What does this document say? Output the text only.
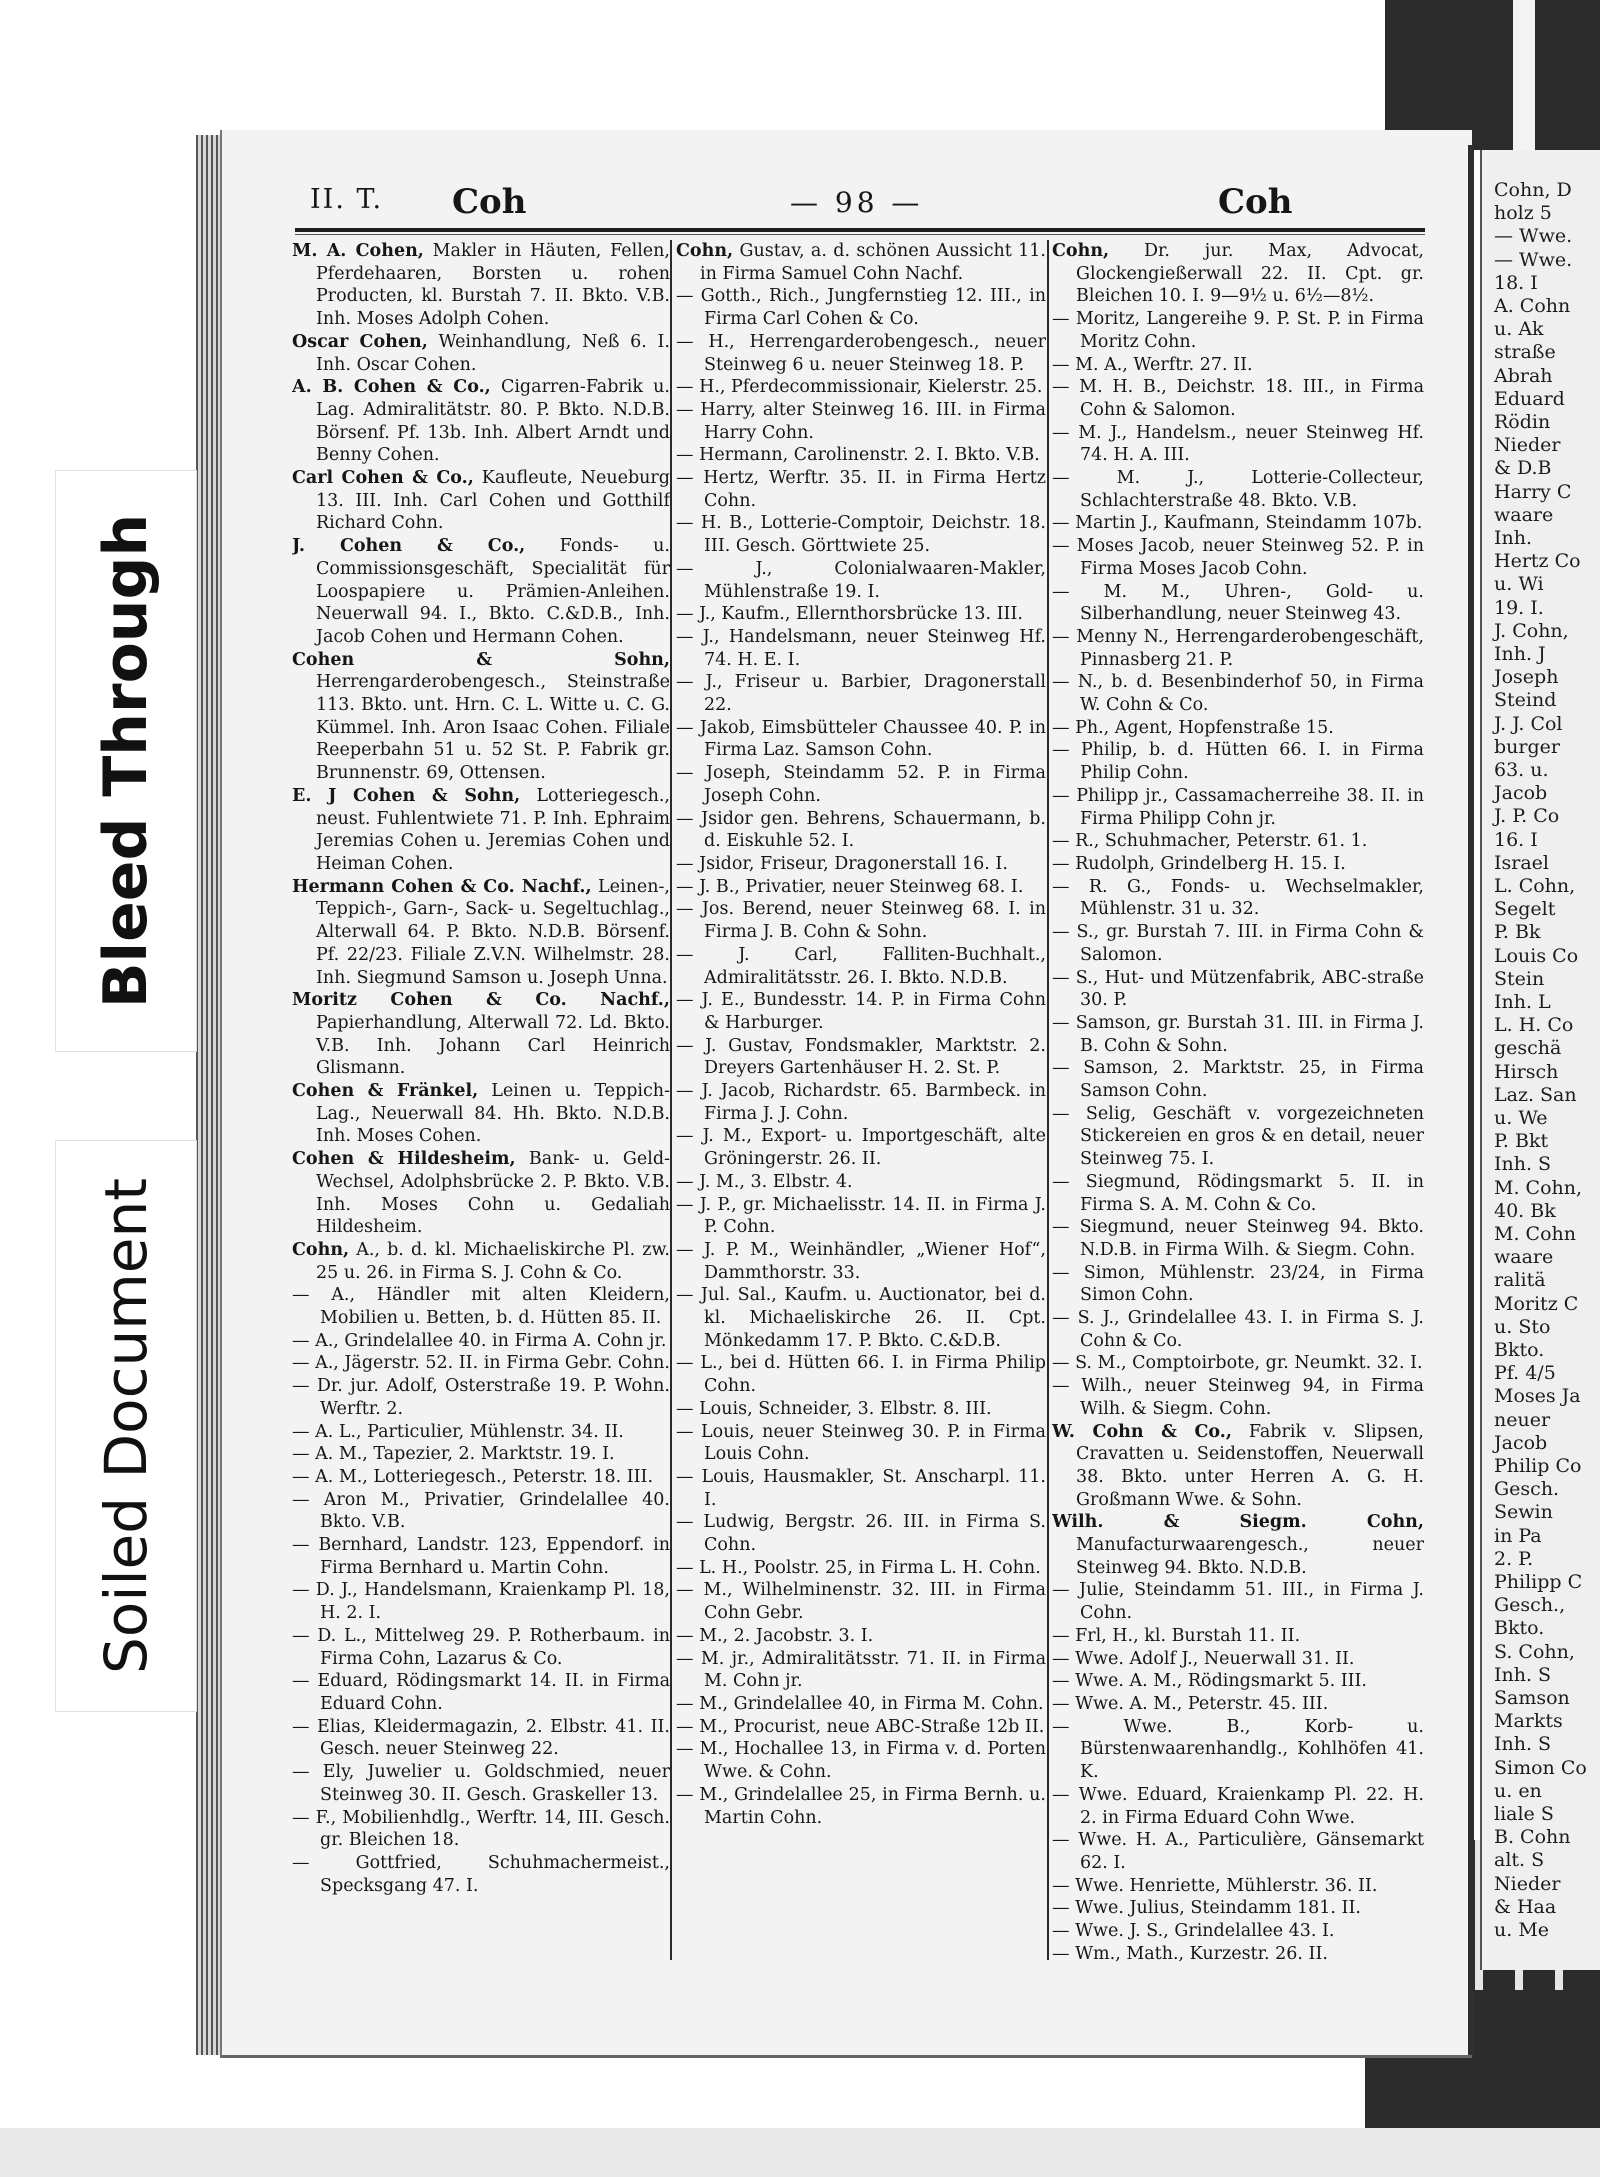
Cohn, D
holz 5
— Wwe.
— Wwe.
18. I
A. Cohn
u. Ak
straße
Abrah
Eduard
Rödin
Nieder
& D.B
Harry C
waare
Inh.
Hertz Co
u. Wi
19. I.
J. Cohn,
Inh. J
Joseph
Steind
J. J. Col
burger
63. u.
Jacob
J. P. Co
16. I
Israel
L. Cohn,
Segelt
P. Bk
Louis Co
Stein
Inh. L
L. H. Co
geschä
Hirsch
Laz. San
u. We
P. Bkt
Inh. S
M. Cohn,
40. Bk
M. Cohn
waare
ralitä
Moritz C
u. Sto
Bkto.
Pf. 4/5
Moses Ja
neuer
Jacob
Philip Co
Gesch.
Sewin
in Pa
2. P.
Philipp C
Gesch.,
Bkto.
S. Cohn,
Inh. S
Samson
Markts
Inh. S
Simon Co
u. en
liale S
B. Cohn
alt. S
Nieder
& Haa
u. Me
Bleed Through
Soiled Document
II. T. Coh	— 98 —	Coh

M. A. Cohen, Makler in Häuten, Fellen, Pferdehaaren, Borsten u. rohen Producten, kl. Burstah 7. II. Bkto. V.B. Inh. Moses Adolph Cohen.

Oscar Cohen, Weinhandlung, Neß 6. I. Inh. Oscar Cohen.

A. B. Cohen & Co., Cigarren-Fabrik u. Lag. Admiralitätstr. 80. P. Bkto. N.D.B. Börsenf. Pf. 13b. Inh. Albert Arndt und Benny Cohen.

Carl Cohen & Co., Kaufleute, Neueburg 13. III. Inh. Carl Cohen und Gotthilf Richard Cohn.

J. Cohen & Co., Fonds- u. Commissionsgeschäft, Specialität für Loospapiere u. Prämien-Anleihen. Neuerwall 94. I., Bkto. C.&D.B., Inh. Jacob Cohen und Hermann Cohen.

Cohen & Sohn, Herrengarderobengesch., Steinstraße 113. Bkto. unt. Hrn. C. L. Witte u. C. G. Kümmel. Inh. Aron Isaac Cohen. Filiale Reeperbahn 51 u. 52 St. P. Fabrik gr. Brunnenstr. 69, Ottensen.

E. J Cohen & Sohn, Lotteriegesch., neust. Fuhlentwiete 71. P. Inh. Ephraim Jeremias Cohen u. Jeremias Cohen und Heiman Cohen.

Hermann Cohen & Co. Nachf., Leinen-, Teppich-, Garn-, Sack- u. Segeltuchlag., Alterwall 64. P. Bkto. N.D.B. Börsenf. Pf. 22/23. Filiale Z.V.N. Wilhelmstr. 28. Inh. Siegmund Samson u. Joseph Unna.

Moritz Cohen & Co. Nachf., Papierhandlung, Alterwall 72. Ld. Bkto. V.B. Inh. Johann Carl Heinrich Glismann.

Cohen & Fränkel, Leinen u. Teppich-Lag., Neuerwall 84. Hh. Bkto. N.D.B. Inh. Moses Cohen.

Cohen & Hildesheim, Bank- u. Geld-Wechsel, Adolphsbrücke 2. P. Bkto. V.B. Inh. Moses Cohn u. Gedaliah Hildesheim.

Cohn, A., b. d. kl. Michaeliskirche Pl. zw. 25 u. 26. in Firma S. J. Cohn & Co.

— A., Händler mit alten Kleidern, Mobilien u. Betten, b. d. Hütten 85. II.

— A., Grindelallee 40. in Firma A. Cohn jr.

— A., Jägerstr. 52. II. in Firma Gebr. Cohn.

— Dr. jur. Adolf, Osterstraße 19. P. Wohn. Werftr. 2.

— A. L., Particulier, Mühlenstr. 34. II.

— A. M., Tapezier, 2. Marktstr. 19. I.

— A. M., Lotteriegesch., Peterstr. 18. III.

— Aron M., Privatier, Grindelallee 40. Bkto. V.B.

— Bernhard, Landstr. 123, Eppendorf. in Firma Bernhard u. Martin Cohn.

— D. J., Handelsmann, Kraienkamp Pl. 18, H. 2. I.

— D. L., Mittelweg 29. P. Rotherbaum. in Firma Cohn, Lazarus & Co.

— Eduard, Rödingsmarkt 14. II. in Firma Eduard Cohn.

— Elias, Kleidermagazin, 2. Elbstr. 41. II. Gesch. neuer Steinweg 22.

— Ely, Juwelier u. Goldschmied, neuer Steinweg 30. II. Gesch. Graskeller 13.

— F., Mobilienhdlg., Werftr. 14, III. Gesch. gr. Bleichen 18.

— Gottfried, Schuhmachermeist., Specksgang 47. I.

Cohn, Gustav, a. d. schönen Aussicht 11. in Firma Samuel Cohn Nachf.

— Gotth., Rich., Jungfernstieg 12. III., in Firma Carl Cohen & Co.

— H., Herrengarderobengesch., neuer Steinweg 6 u. neuer Steinweg 18. P.

— H., Pferdecommissionair, Kielerstr. 25.

— Harry, alter Steinweg 16. III. in Firma Harry Cohn.

— Hermann, Carolinenstr. 2. I. Bkto. V.B.

— Hertz, Werftr. 35. II. in Firma Hertz Cohn.

— H. B., Lotterie-Comptoir, Deichstr. 18. III. Gesch. Görttwiete 25.

— J., Colonialwaaren-Makler, Mühlenstraße 19. I.

— J., Kaufm., Ellernthorsbrücke 13. III.

— J., Handelsmann, neuer Steinweg Hf. 74. H. E. I.

— J., Friseur u. Barbier, Dragonerstall 22.

— Jakob, Eimsbütteler Chaussee 40. P. in Firma Laz. Samson Cohn.

— Joseph, Steindamm 52. P. in Firma Joseph Cohn.

— Jsidor gen. Behrens, Schauermann, b. d. Eiskuhle 52. I.

— Jsidor, Friseur, Dragonerstall 16. I.

— J. B., Privatier, neuer Steinweg 68. I.

— Jos. Berend, neuer Steinweg 68. I. in Firma J. B. Cohn & Sohn.

— J. Carl, Falliten-Buchhalt., Admiralitätsstr. 26. I. Bkto. N.D.B.

— J. E., Bundesstr. 14. P. in Firma Cohn & Harburger.

— J. Gustav, Fondsmakler, Marktstr. 2. Dreyers Gartenhäuser H. 2. St. P.

— J. Jacob, Richardstr. 65. Barmbeck. in Firma J. J. Cohn.

— J. M., Export- u. Importgeschäft, alte Gröningerstr. 26. II.

— J. M., 3. Elbstr. 4.

— J. P., gr. Michaelisstr. 14. II. in Firma J. P. Cohn.

— J. P. M., Weinhändler, „Wiener Hof“, Dammthorstr. 33.

— Jul. Sal., Kaufm. u. Auctionator, bei d. kl. Michaeliskirche 26. II. Cpt. Mönkedamm 17. P. Bkto. C.&D.B.

— L., bei d. Hütten 66. I. in Firma Philip Cohn.

— Louis, Schneider, 3. Elbstr. 8. III.

— Louis, neuer Steinweg 30. P. in Firma Louis Cohn.

— Louis, Hausmakler, St. Anscharpl. 11. I.

— Ludwig, Bergstr. 26. III. in Firma S. Cohn.

— L. H., Poolstr. 25, in Firma L. H. Cohn.

— M., Wilhelminenstr. 32. III. in Firma Cohn Gebr.

— M., 2. Jacobstr. 3. I.

— M. jr., Admiralitätsstr. 71. II. in Firma M. Cohn jr.

— M., Grindelallee 40, in Firma M. Cohn.

— M., Procurist, neue ABC-Straße 12b II.

— M., Hochallee 13, in Firma v. d. Porten Wwe. & Cohn.

— M., Grindelallee 25, in Firma Bernh. u. Martin Cohn.

Cohn, Dr. jur. Max, Advocat, Glockengießerwall 22. II. Cpt. gr. Bleichen 10. I. 9—9½ u. 6½—8½.

— Moritz, Langereihe 9. P. St. P. in Firma Moritz Cohn.

— M. A., Werftr. 27. II.

— M. H. B., Deichstr. 18. III., in Firma Cohn & Salomon.

— M. J., Handelsm., neuer Steinweg Hf. 74. H. A. III.

— M. J., Lotterie-Collecteur, Schlachterstraße 48. Bkto. V.B.

— Martin J., Kaufmann, Steindamm 107b.

— Moses Jacob, neuer Steinweg 52. P. in Firma Moses Jacob Cohn.

— M. M., Uhren-, Gold- u. Silberhandlung, neuer Steinweg 43.

— Menny N., Herrengarderobengeschäft, Pinnasberg 21. P.

— N., b. d. Besenbinderhof 50, in Firma W. Cohn & Co.

— Ph., Agent, Hopfenstraße 15.

— Philip, b. d. Hütten 66. I. in Firma Philip Cohn.

— Philipp jr., Cassamacherreihe 38. II. in Firma Philipp Cohn jr.

— R., Schuhmacher, Peterstr. 61. 1.

— Rudolph, Grindelberg H. 15. I.

— R. G., Fonds- u. Wechselmakler, Mühlenstr. 31 u. 32.

— S., gr. Burstah 7. III. in Firma Cohn & Salomon.

— S., Hut- und Mützenfabrik, ABC-straße 30. P.

— Samson, gr. Burstah 31. III. in Firma J. B. Cohn & Sohn.

— Samson, 2. Marktstr. 25, in Firma Samson Cohn.

— Selig, Geschäft v. vorgezeichneten Stickereien en gros & en detail, neuer Steinweg 75. I.

— Siegmund, Rödingsmarkt 5. II. in Firma S. A. M. Cohn & Co.

— Siegmund, neuer Steinweg 94. Bkto. N.D.B. in Firma Wilh. & Siegm. Cohn.

— Simon, Mühlenstr. 23/24, in Firma Simon Cohn.

— S. J., Grindelallee 43. I. in Firma S. J. Cohn & Co.

— S. M., Comptoirbote, gr. Neumkt. 32. I.

— Wilh., neuer Steinweg 94, in Firma Wilh. & Siegm. Cohn.

W. Cohn & Co., Fabrik v. Slipsen, Cravatten u. Seidenstoffen, Neuerwall 38. Bkto. unter Herren A. G. H. Großmann Wwe. & Sohn.

Wilh. & Siegm. Cohn, Manufacturwaarengesch., neuer Steinweg 94. Bkto. N.D.B.

— Julie, Steindamm 51. III., in Firma J. Cohn.

— Frl, H., kl. Burstah 11. II.

— Wwe. Adolf J., Neuerwall 31. II.

— Wwe. A. M., Rödingsmarkt 5. III.

— Wwe. A. M., Peterstr. 45. III.

— Wwe. B., Korb- u. Bürstenwaarenhandlg., Kohlhöfen 41. K.

— Wwe. Eduard, Kraienkamp Pl. 22. H. 2. in Firma Eduard Cohn Wwe.

— Wwe. H. A., Particulière, Gänsemarkt 62. I.

— Wwe. Henriette, Mühlerstr. 36. II.

— Wwe. Julius, Steindamm 181. II.

— Wwe. J. S., Grindelallee 43. I.

— Wm., Math., Kurzestr. 26. II.
